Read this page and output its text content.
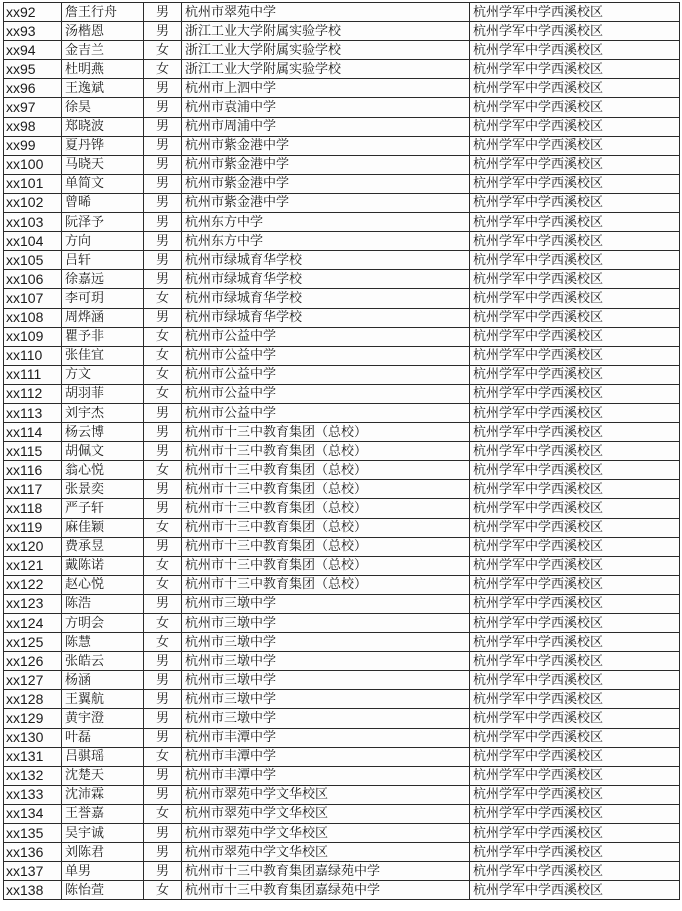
xx92	詹王行舟	男	杭州市翠苑中学	杭州学军中学西溪校区
xx93	汤楷恩	男	浙江工业大学附属实验学校	杭州学军中学西溪校区
xx94	金吉兰	女	浙江工业大学附属实验学校	杭州学军中学西溪校区
xx95	杜明燕	女	浙江工业大学附属实验学校	杭州学军中学西溪校区
xx96	王逸斌	男	杭州市上泗中学	杭州学军中学西溪校区
xx97	徐昊	男	杭州市袁浦中学	杭州学军中学西溪校区
xx98	郑晓波	男	杭州市周浦中学	杭州学军中学西溪校区
xx99	夏丹铧	男	杭州市紫金港中学	杭州学军中学西溪校区
xx100	马晓天	男	杭州市紫金港中学	杭州学军中学西溪校区
xx101	单简文	男	杭州市紫金港中学	杭州学军中学西溪校区
xx102	曾晞	男	杭州市紫金港中学	杭州学军中学西溪校区
xx103	阮泽予	男	杭州东方中学	杭州学军中学西溪校区
xx104	方向	男	杭州东方中学	杭州学军中学西溪校区
xx105	吕轩	男	杭州市绿城育华学校	杭州学军中学西溪校区
xx106	徐嘉远	男	杭州市绿城育华学校	杭州学军中学西溪校区
xx107	李可玥	女	杭州市绿城育华学校	杭州学军中学西溪校区
xx108	周烨涵	男	杭州市绿城育华学校	杭州学军中学西溪校区
xx109	瞿予非	女	杭州市公益中学	杭州学军中学西溪校区
xx110	张佳宜	女	杭州市公益中学	杭州学军中学西溪校区
xx111	方文	女	杭州市公益中学	杭州学军中学西溪校区
xx112	胡羽菲	女	杭州市公益中学	杭州学军中学西溪校区
xx113	刘宇杰	男	杭州市公益中学	杭州学军中学西溪校区
xx114	杨云博	男	杭州市十三中教育集团（总校）	杭州学军中学西溪校区
xx115	胡佩文	男	杭州市十三中教育集团（总校）	杭州学军中学西溪校区
xx116	翁心悦	女	杭州市十三中教育集团（总校）	杭州学军中学西溪校区
xx117	张景奕	男	杭州市十三中教育集团（总校）	杭州学军中学西溪校区
xx118	严子轩	男	杭州市十三中教育集团（总校）	杭州学军中学西溪校区
xx119	麻佳颖	女	杭州市十三中教育集团（总校）	杭州学军中学西溪校区
xx120	费承昱	男	杭州市十三中教育集团（总校）	杭州学军中学西溪校区
xx121	戴陈诺	女	杭州市十三中教育集团（总校）	杭州学军中学西溪校区
xx122	赵心悦	女	杭州市十三中教育集团（总校）	杭州学军中学西溪校区
xx123	陈浩	男	杭州市三墩中学	杭州学军中学西溪校区
xx124	方明会	女	杭州市三墩中学	杭州学军中学西溪校区
xx125	陈慧	女	杭州市三墩中学	杭州学军中学西溪校区
xx126	张皓云	男	杭州市三墩中学	杭州学军中学西溪校区
xx127	杨涵	男	杭州市三墩中学	杭州学军中学西溪校区
xx128	王翼航	男	杭州市三墩中学	杭州学军中学西溪校区
xx129	黄宇澄	男	杭州市三墩中学	杭州学军中学西溪校区
xx130	叶磊	男	杭州市丰潭中学	杭州学军中学西溪校区
xx131	吕骐瑶	女	杭州市丰潭中学	杭州学军中学西溪校区
xx132	沈楚天	男	杭州市丰潭中学	杭州学军中学西溪校区
xx133	沈沛霖	男	杭州市翠苑中学文华校区	杭州学军中学西溪校区
xx134	王誉嘉	女	杭州市翠苑中学文华校区	杭州学军中学西溪校区
xx135	吴宇诚	男	杭州市翠苑中学文华校区	杭州学军中学西溪校区
xx136	刘陈君	男	杭州市翠苑中学文华校区	杭州学军中学西溪校区
xx137	单男	男	杭州市十三中教育集团嘉绿苑中学	杭州学军中学西溪校区
xx138	陈怡萱	女	杭州市十三中教育集团嘉绿苑中学	杭州学军中学西溪校区
